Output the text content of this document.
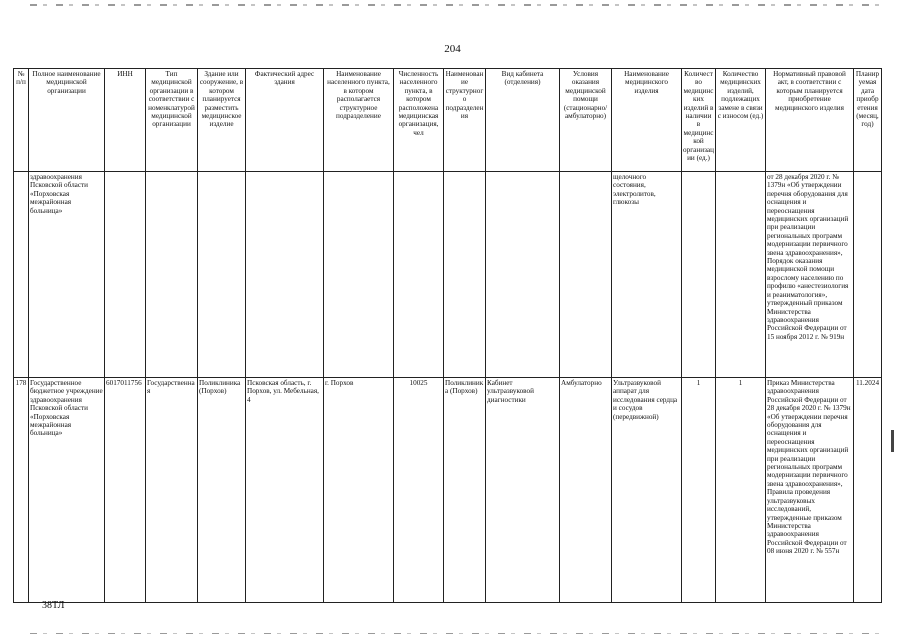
204
№ п/п	Полное наименование медицинской организации	ИНН	Тип медицинской организации в соответствии с номенклатурой медицинской организации	Здание или сооружение, в котором планируется разместить медицинское изделие	Фактический адрес здания	Наименование населенного пункта, в котором располагается структурное подразделение	Численность населенного пункта, в котором расположена медицинская организация, чел	Наименование структурного подразделения	Вид кабинета (отделения)	Условия оказания медицинской помощи (стационарно/ амбулаторно)	Наименование медицинского изделия	Количество медицинских изделий в наличии в медицинской организации (ед.)	Количество медицинских изделий, подлежащих замене в связи с износом (ед.)	Нормативный правовой акт, в соответствии с которым планируется приобретение медицинского изделия	Планируемая дата приобретения (месяц, год)
	здравоохранения Псковской области «Порховская межрайонная больница»										щелочного состояния, электролитов, глюкозы			от 28 декабря 2020 г. № 1379н «Об утверждении перечня оборудования для оснащения и переоснащения медицинских организаций при реализации региональных программ модернизации первичного звена здравоохранения», Порядок оказания медицинской помощи взрослому населению по профилю «анестезиология и реаниматология», утвержденный приказом Министерства здравоохранения Российской Федерации от 15 ноября 2012 г. № 919н	
178	Государственное бюджетное учреждение здравоохранения Псковской области «Порховская межрайонная больница»	6017011756	Государственная	Поликлиника (Порхов)	Псковская область, г. Порхов, ул. Мебельная, 4	г. Порхов	10025	Поликлиника (Порхов)	Кабинет ультразвуковой диагностики	Амбулаторно	Ультразвуковой аппарат для исследования сердца и сосудов (передвижной)	1	1	Приказ Министерства здравоохранения Российской Федерации от 28 декабря 2020 г. № 1379н «Об утверждении перечня оборудования для оснащения и переоснащения медицинских организаций при реализации региональных программ модернизации первичного звена здравоохранения», Правила проведения ультразвуковых исследований, утвержденные приказом Министерства здравоохранения Российской Федерации от 08 июня 2020 г. № 557н	11.2024
38ТЛ
